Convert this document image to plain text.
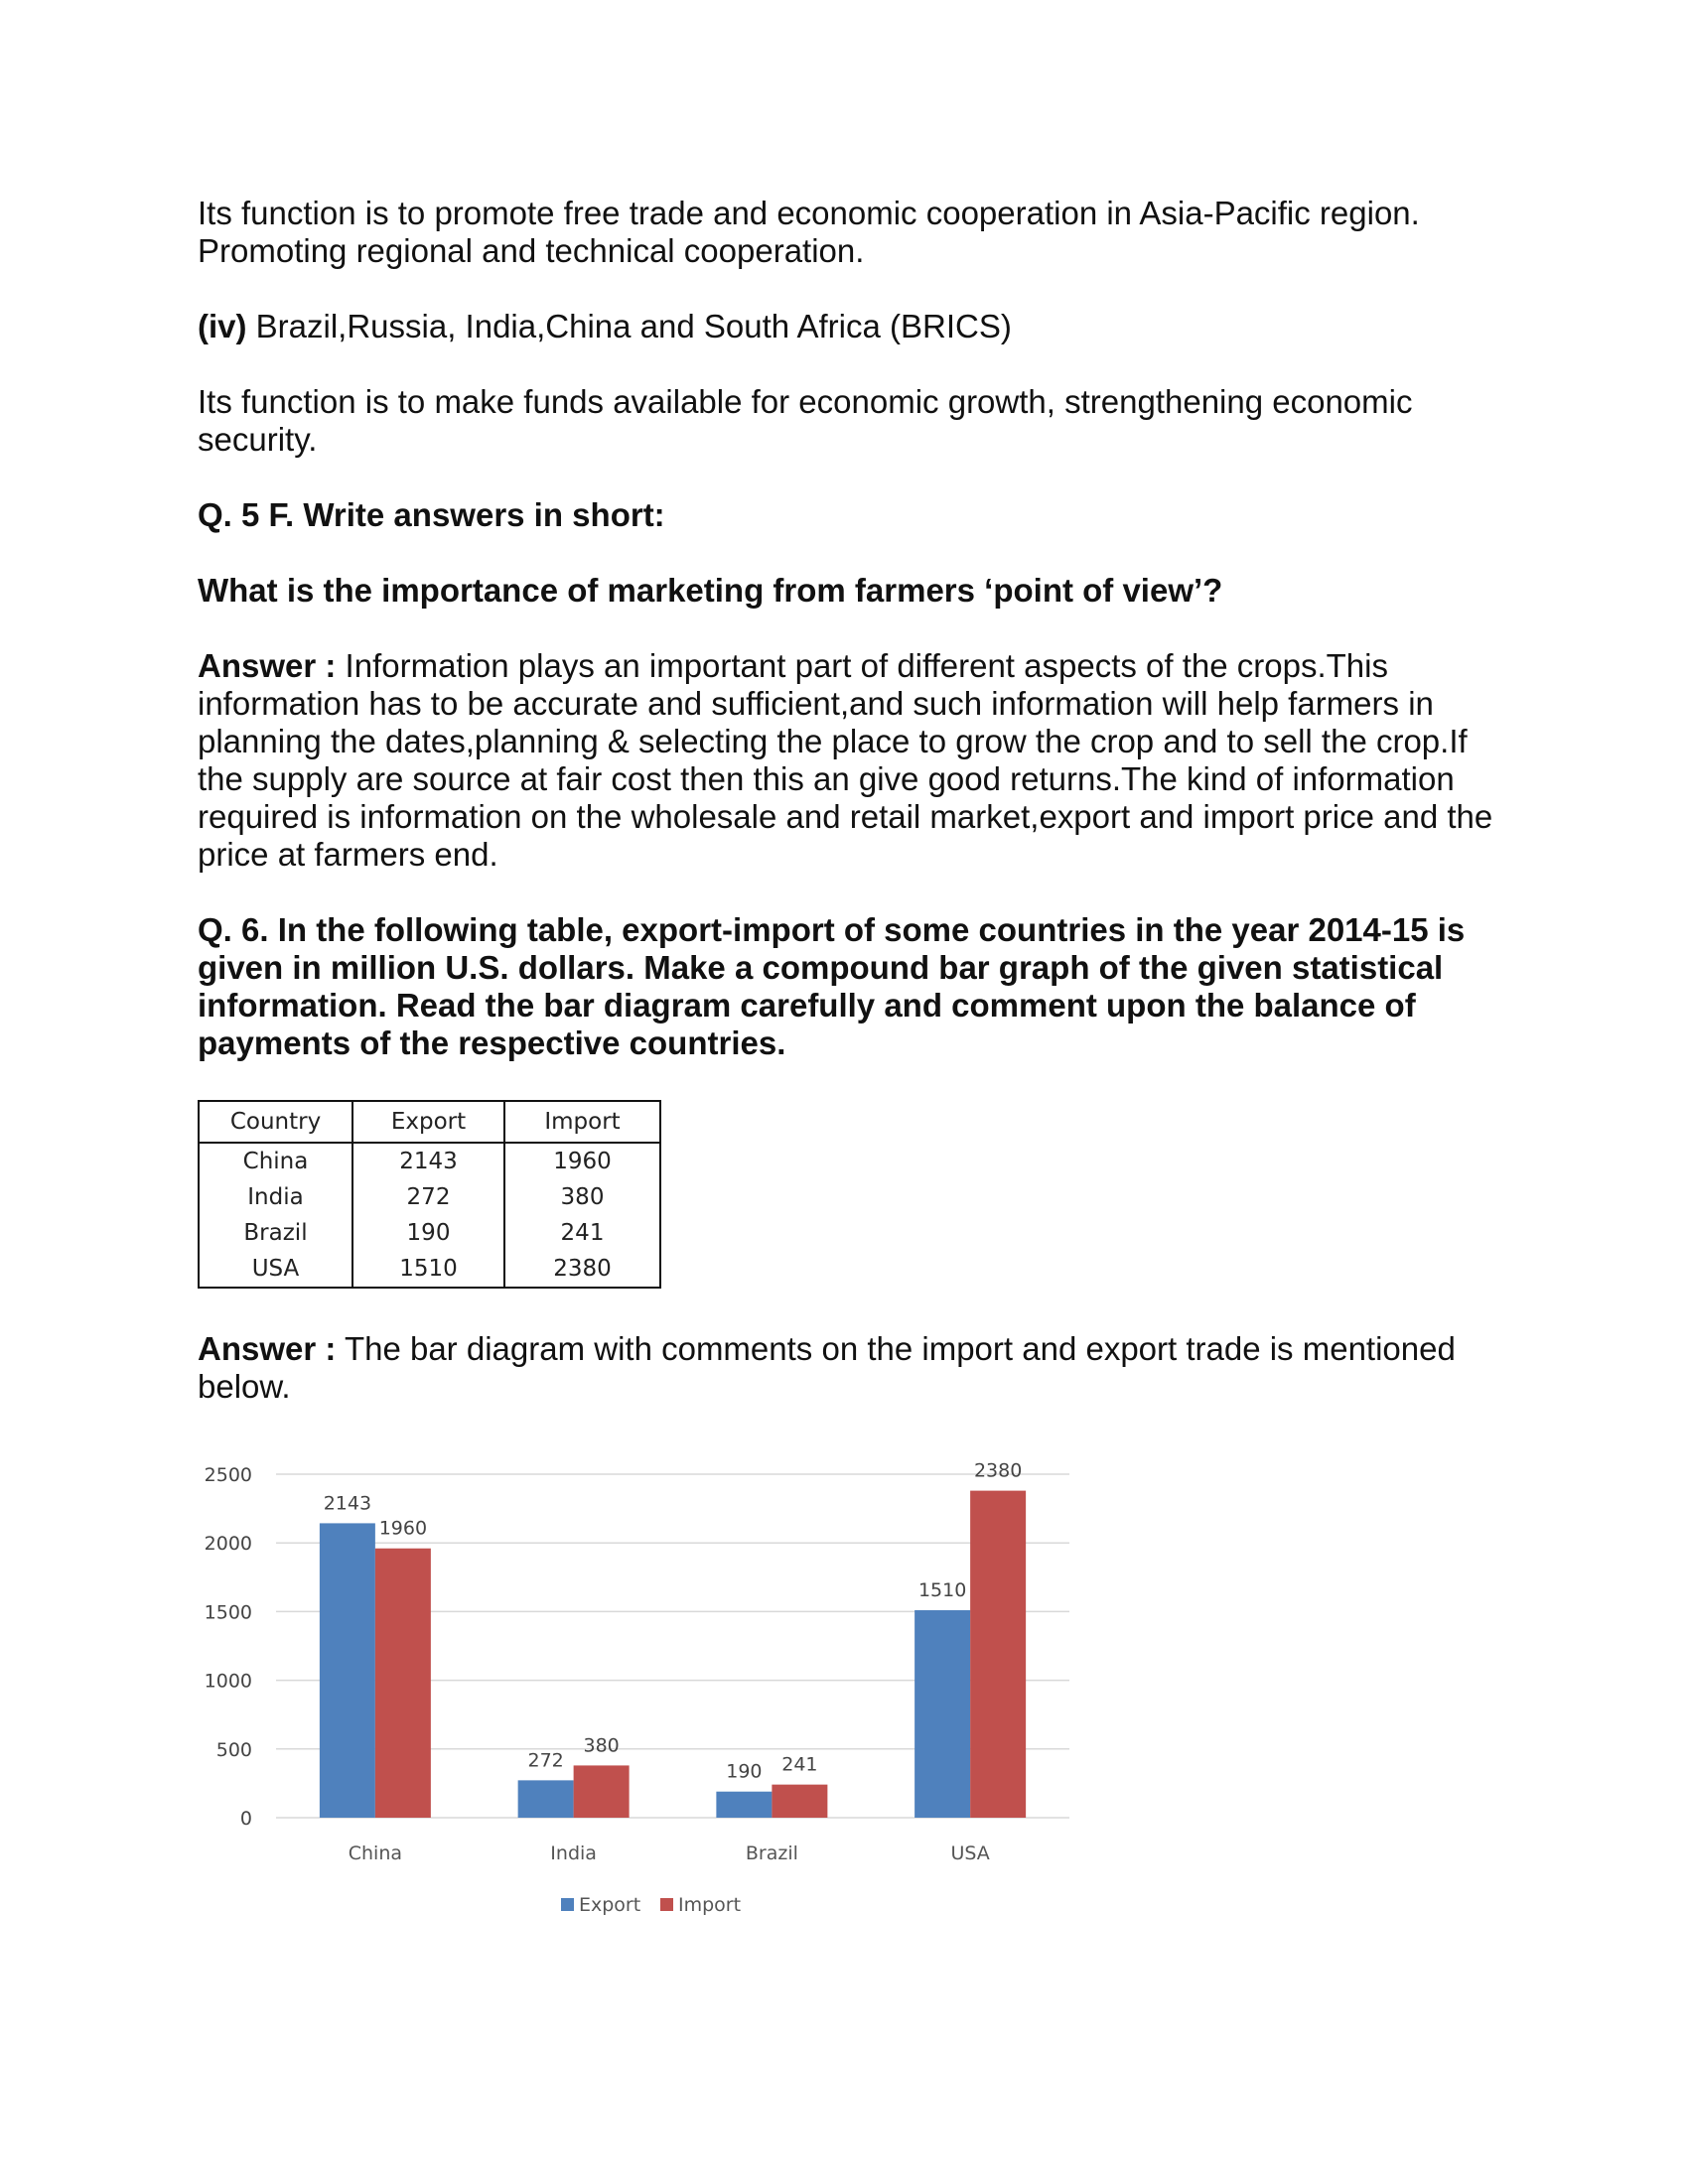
Its function is to promote free trade and economic cooperation in Asia-Pacific region. Promoting regional and technical cooperation.

(iv) Brazil,Russia, India,China and South Africa (BRICS)

Its function is to make funds available for economic growth, strengthening economic security.

Q. 5 F. Write answers in short:

What is the importance of marketing from farmers ‘point of view’?

Answer : Information plays an important part of different aspects of the crops.This information has to be accurate and sufficient,and such information will help farmers in planning the dates,planning & selecting the place to grow the crop and to sell the crop.If the supply are source at fair cost then this an give good returns.The kind of information required is information on the wholesale and retail market,export and import price and the price at farmers end.

Q. 6. In the following table, export-import of some countries in the year 2014-15 is given in million U.S. dollars. Make a compound bar graph of the given statistical information. Read the bar diagram carefully and comment upon the balance of payments of the respective countries.

Country	Export	Import
China	2143	1960
India	272	380
Brazil	190	241
USA	1510	2380

Answer : The bar diagram with comments on the import and export trade is mentioned below.

0
500
1000
1500
2000
2500
2143
1960
272
380
190 241
1510
2380
China	India	Brazil	USA
Export Import
